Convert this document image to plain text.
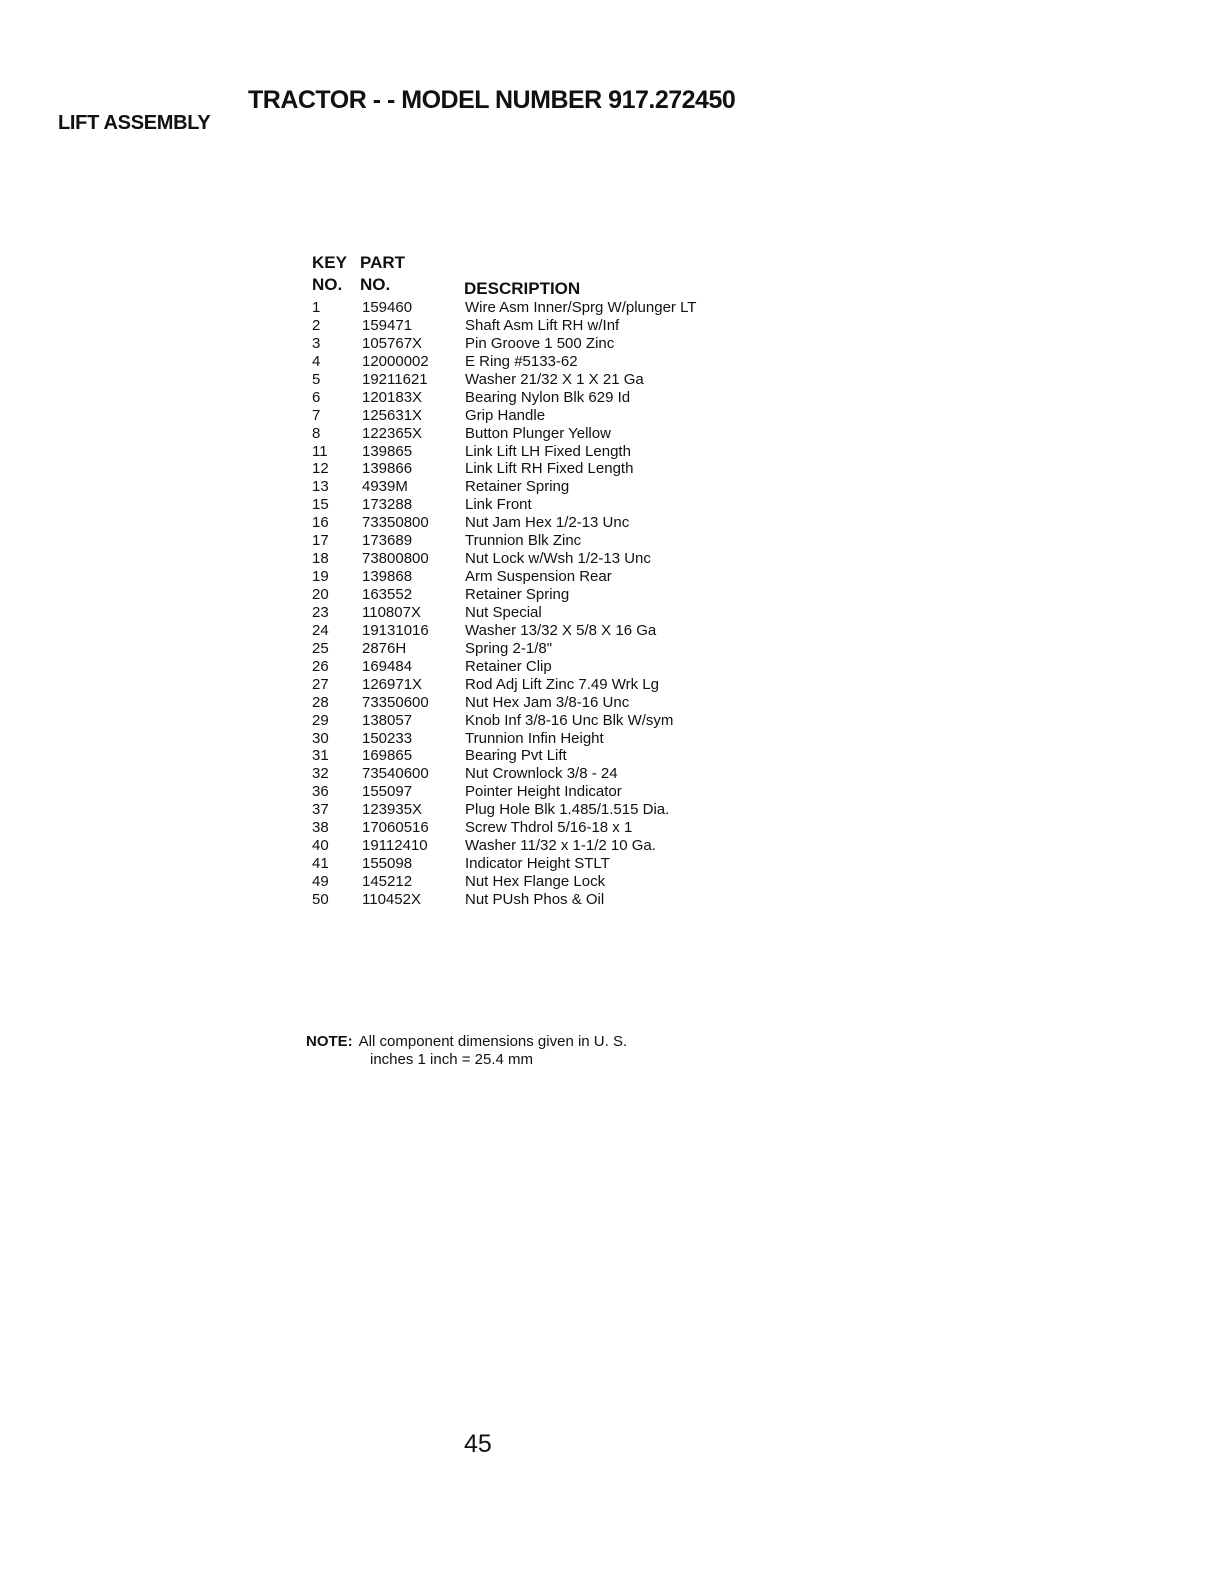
TRACTOR - - MODEL NUMBER 917.272450
LIFT ASSEMBLY
KEY PART
NO. NO.	DESCRIPTION
1	159460	Wire Asm Inner/Sprg W/plunger LT
2	159471	Shaft Asm Lift RH w/Inf
3	105767X	Pin Groove 1 500 Zinc
4	12000002 E Ring #5133-62
5	19211621 Washer 21/32 X 1 X 21 Ga
6	120183X	Bearing Nylon Blk 629 Id
7	125631X	Grip Handle
8	122365X	Button Plunger Yellow
11 139865	Link Lift LH Fixed Length
12 139866	Link Lift RH Fixed Length
13 4939M	Retainer Spring
15 173288	Link Front
16 73350800 Nut Jam Hex 1/2-13 Unc
17 173689	Trunnion Blk Zinc
18 73800800 Nut Lock w/Wsh 1/2-13 Unc
19 139868	Arm Suspension Rear
20 163552	Retainer Spring
23 110807X	Nut Special
24 19131016 Washer 13/32 X 5/8 X 16 Ga
25 2876H	Spring 2-1/8"
26 169484	Retainer Clip
27 126971X	Rod Adj Lift Zinc 7.49 Wrk Lg
28 73350600 Nut Hex Jam 3/8-16 Unc
29 138057	Knob Inf 3/8-16 Unc Blk W/sym
30 150233	Trunnion Infin Height
31 169865	Bearing Pvt Lift
32 73540600 Nut Crownlock 3/8 - 24
36 155097	Pointer Height Indicator
37 123935X	Plug Hole Blk 1.485/1.515 Dia.
38 17060516 Screw Thdrol 5/16-18 x 1
40 19112410 Washer 11/32 x 1-1/2 10 Ga.
41 155098	Indicator Height STLT
49 145212	Nut Hex Flange Lock
50 110452X	Nut PUsh Phos & Oil
NOTE: All component dimensions given in U. S.
inches 1 inch = 25.4 mm
45
